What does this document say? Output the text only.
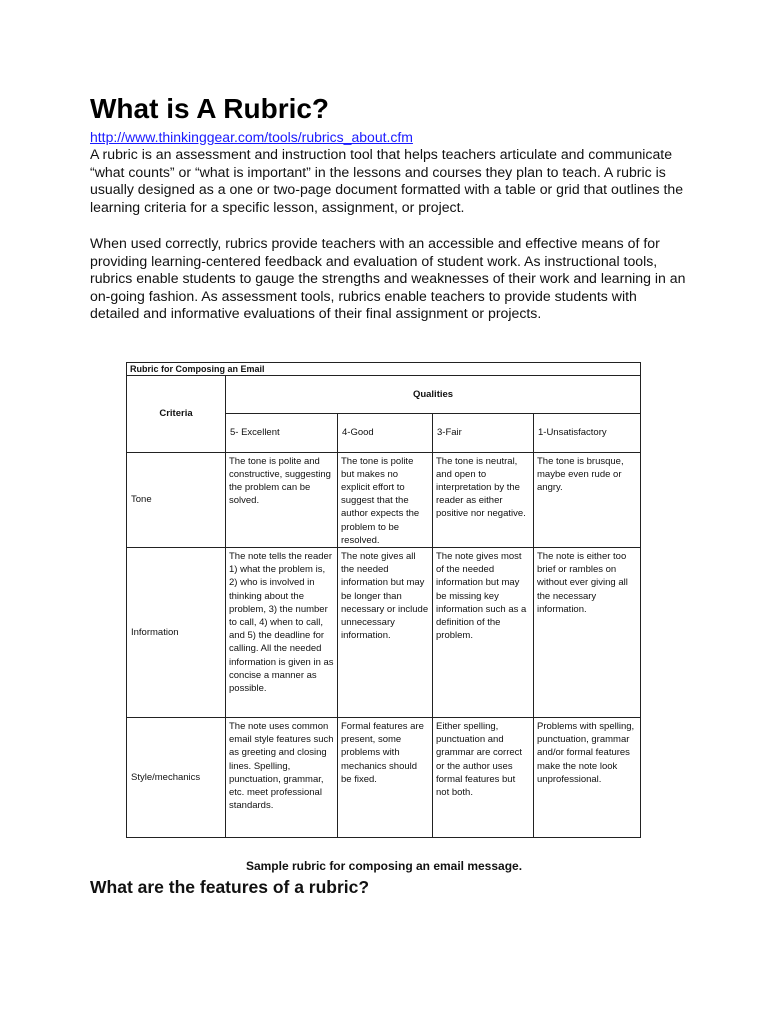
What is A Rubric?
http://www.thinkinggear.com/tools/rubrics_about.cfm

A rubric is an assessment and instruction tool that helps teachers articulate and communicate “what counts” or “what is important” in the lessons and courses they plan to teach. A rubric is usually designed as a one or two-page document formatted with a table or grid that outlines the learning criteria for a specific lesson, assignment, or project.

When used correctly, rubrics provide teachers with an accessible and effective means of for providing learning-centered feedback and evaluation of student work. As instructional tools, rubrics enable students to gauge the strengths and weaknesses of their work and learning in an on-going fashion. As assessment tools, rubrics enable teachers to provide students with detailed and informative evaluations of their final assignment or projects.

Rubric for Composing an Email				
Criteria	Qualities			
	5- Excellent	4-Good	3-Fair	1-Unsatisfactory
Tone	The tone is polite and constructive, suggesting the problem can be solved.	The tone is polite but makes no explicit effort to suggest that the author expects the problem to be resolved.	The tone is neutral, and open to interpretation by the reader as either positive nor negative.	The tone is brusque, maybe even rude or angry.
Information	The note tells the reader 1) what the problem is, 2) who is involved in thinking about the problem, 3) the number to call, 4) when to call, and 5) the deadline for calling. All the needed information is given in as concise a manner as possible.	The note gives all the needed information but may be longer than necessary or include unnecessary information.	The note gives most of the needed information but may be missing key information such as a definition of the problem.	The note is either too brief or rambles on without ever giving all the necessary information.
Style/mechanics	The note uses common email style features such as greeting and closing lines. Spelling, punctuation, grammar, etc. meet professional standards.	Formal features are present, some problems with mechanics should be fixed.	Either spelling, punctuation and grammar are correct or the author uses formal features but not both.	Problems with spelling, punctuation, grammar and/or formal features make the note look unprofessional.
Sample rubric for composing an email message.
What are the features of a rubric?
